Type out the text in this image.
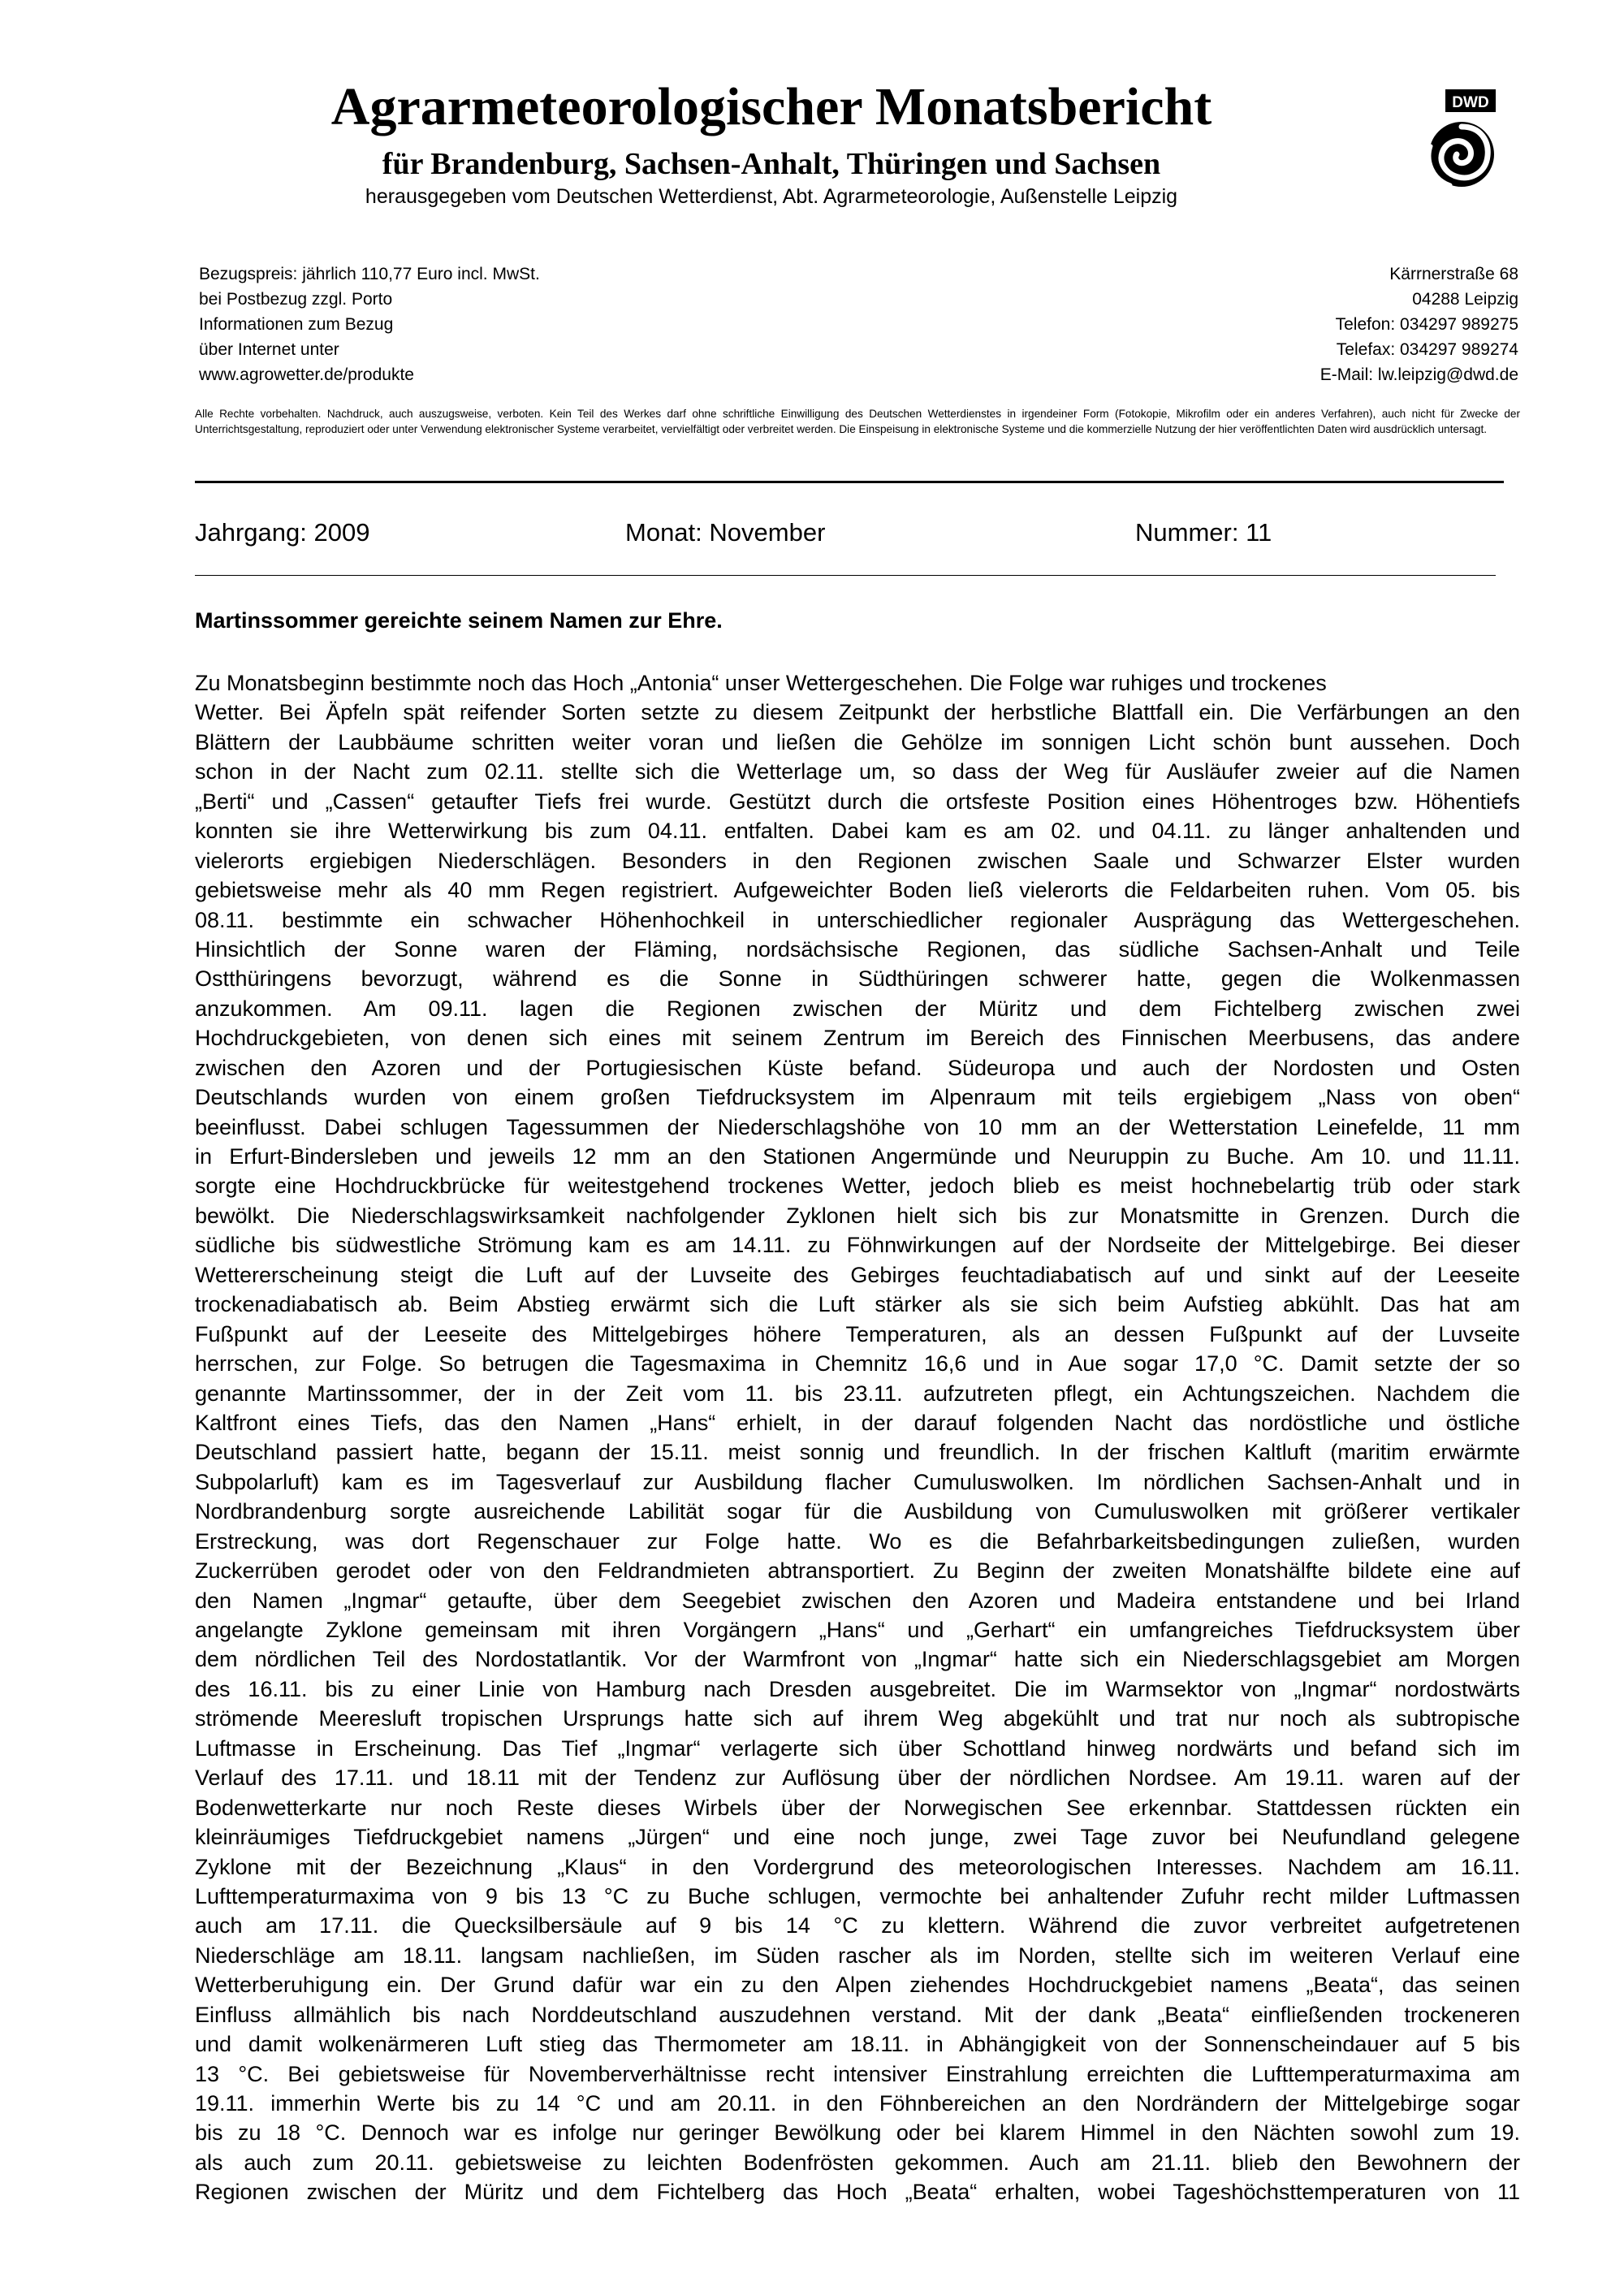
Agrarmeteorologischer Monatsbericht
für Brandenburg, Sachsen-Anhalt, Thüringen und Sachsen
herausgegeben vom Deutschen Wetterdienst, Abt. Agrarmeteorologie, Außenstelle Leipzig
DWD
Bezugspreis: jährlich 110,77 Euro incl. MwSt.
bei Postbezug zzgl. Porto
Informationen zum Bezug
über Internet unter
www.agrowetter.de/produkte
Kärrnerstraße 68
04288 Leipzig
Telefon: 034297 989275
Telefax: 034297 989274
E-Mail: lw.leipzig@dwd.de
Alle Rechte vorbehalten. Nachdruck, auch auszugsweise, verboten. Kein Teil des Werkes darf ohne schriftliche Einwilligung des Deutschen Wetterdienstes in irgendeiner Form (Fotokopie, Mikrofilm oder ein anderes Verfahren), auch nicht für Zwecke der Unterrichtsgestaltung, reproduziert oder unter Verwendung elektronischer Systeme verarbeitet, vervielfältigt oder verbreitet werden. Die Einspeisung in elektronische Systeme und die kommerzielle Nutzung der hier veröffentlichten Daten wird ausdrücklich untersagt.
Jahrgang: 2009	Monat: November	Nummer: 11
Martinssommer gereichte seinem Namen zur Ehre.
Zu Monatsbeginn bestimmte noch das Hoch „Antonia“ unser Wettergeschehen. Die Folge war ruhiges und trockenes
Wetter. Bei Äpfeln spät reifender Sorten setzte zu diesem Zeitpunkt der herbstliche Blattfall ein. Die Verfärbungen an den
Blättern der Laubbäume schritten weiter voran und ließen die Gehölze im sonnigen Licht schön bunt aussehen. Doch
schon in der Nacht zum 02.11. stellte sich die Wetterlage um, so dass der Weg für Ausläufer zweier auf die Namen
„Berti“ und „Cassen“ getaufter Tiefs frei wurde. Gestützt durch die ortsfeste Position eines Höhentroges bzw. Höhentiefs
konnten sie ihre Wetterwirkung bis zum 04.11. entfalten. Dabei kam es am 02. und 04.11. zu länger anhaltenden und
vielerorts ergiebigen Niederschlägen. Besonders in den Regionen zwischen Saale und Schwarzer Elster wurden
gebietsweise mehr als 40 mm Regen registriert. Aufgeweichter Boden ließ vielerorts die Feldarbeiten ruhen. Vom 05. bis
08.11. bestimmte ein schwacher Höhenhochkeil in unterschiedlicher regionaler Ausprägung das Wettergeschehen.
Hinsichtlich der Sonne waren der Fläming, nordsächsische Regionen, das südliche Sachsen-Anhalt und Teile
Ostthüringens bevorzugt, während es die Sonne in Südthüringen schwerer hatte, gegen die Wolkenmassen
anzukommen. Am 09.11. lagen die Regionen zwischen der Müritz und dem Fichtelberg zwischen zwei
Hochdruckgebieten, von denen sich eines mit seinem Zentrum im Bereich des Finnischen Meerbusens, das andere
zwischen den Azoren und der Portugiesischen Küste befand. Südeuropa und auch der Nordosten und Osten
Deutschlands wurden von einem großen Tiefdrucksystem im Alpenraum mit teils ergiebigem „Nass von oben“
beeinflusst. Dabei schlugen Tagessummen der Niederschlagshöhe von 10 mm an der Wetterstation Leinefelde, 11 mm
in Erfurt-Bindersleben und jeweils 12 mm an den Stationen Angermünde und Neuruppin zu Buche. Am 10. und 11.11.
sorgte eine Hochdruckbrücke für weitestgehend trockenes Wetter, jedoch blieb es meist hochnebelartig trüb oder stark
bewölkt. Die Niederschlagswirksamkeit nachfolgender Zyklonen hielt sich bis zur Monatsmitte in Grenzen. Durch die
südliche bis südwestliche Strömung kam es am 14.11. zu Föhnwirkungen auf der Nordseite der Mittelgebirge. Bei dieser
Wettererscheinung steigt die Luft auf der Luvseite des Gebirges feuchtadiabatisch auf und sinkt auf der Leeseite
trockenadiabatisch ab. Beim Abstieg erwärmt sich die Luft stärker als sie sich beim Aufstieg abkühlt. Das hat am
Fußpunkt auf der Leeseite des Mittelgebirges höhere Temperaturen, als an dessen Fußpunkt auf der Luvseite
herrschen, zur Folge. So betrugen die Tagesmaxima in Chemnitz 16,6 und in Aue sogar 17,0 °C. Damit setzte der so
genannte Martinssommer, der in der Zeit vom 11. bis 23.11. aufzutreten pflegt, ein Achtungszeichen. Nachdem die
Kaltfront eines Tiefs, das den Namen „Hans“ erhielt, in der darauf folgenden Nacht das nordöstliche und östliche
Deutschland passiert hatte, begann der 15.11. meist sonnig und freundlich. In der frischen Kaltluft (maritim erwärmte
Subpolarluft) kam es im Tagesverlauf zur Ausbildung flacher Cumuluswolken. Im nördlichen Sachsen-Anhalt und in
Nordbrandenburg sorgte ausreichende Labilität sogar für die Ausbildung von Cumuluswolken mit größerer vertikaler
Erstreckung, was dort Regenschauer zur Folge hatte. Wo es die Befahrbarkeitsbedingungen zuließen, wurden
Zuckerrüben gerodet oder von den Feldrandmieten abtransportiert. Zu Beginn der zweiten Monatshälfte bildete eine auf
den Namen „Ingmar“ getaufte, über dem Seegebiet zwischen den Azoren und Madeira entstandene und bei Irland
angelangte Zyklone gemeinsam mit ihren Vorgängern „Hans“ und „Gerhart“ ein umfangreiches Tiefdrucksystem über
dem nördlichen Teil des Nordostatlantik. Vor der Warmfront von „Ingmar“ hatte sich ein Niederschlagsgebiet am Morgen
des 16.11. bis zu einer Linie von Hamburg nach Dresden ausgebreitet. Die im Warmsektor von „Ingmar“ nordostwärts
strömende Meeresluft tropischen Ursprungs hatte sich auf ihrem Weg abgekühlt und trat nur noch als subtropische
Luftmasse in Erscheinung. Das Tief „Ingmar“ verlagerte sich über Schottland hinweg nordwärts und befand sich im
Verlauf des 17.11. und 18.11 mit der Tendenz zur Auflösung über der nördlichen Nordsee. Am 19.11. waren auf der
Bodenwetterkarte nur noch Reste dieses Wirbels über der Norwegischen See erkennbar. Stattdessen rückten ein
kleinräumiges Tiefdruckgebiet namens „Jürgen“ und eine noch junge, zwei Tage zuvor bei Neufundland gelegene
Zyklone mit der Bezeichnung „Klaus“ in den Vordergrund des meteorologischen Interesses. Nachdem am 16.11.
Lufttemperaturmaxima von 9 bis 13 °C zu Buche schlugen, vermochte bei anhaltender Zufuhr recht milder Luftmassen
auch am 17.11. die Quecksilbersäule auf 9 bis 14 °C zu klettern. Während die zuvor verbreitet aufgetretenen
Niederschläge am 18.11. langsam nachließen, im Süden rascher als im Norden, stellte sich im weiteren Verlauf eine
Wetterberuhigung ein. Der Grund dafür war ein zu den Alpen ziehendes Hochdruckgebiet namens „Beata“, das seinen
Einfluss allmählich bis nach Norddeutschland auszudehnen verstand. Mit der dank „Beata“ einfließenden trockeneren
und damit wolkenärmeren Luft stieg das Thermometer am 18.11. in Abhängigkeit von der Sonnenscheindauer auf 5 bis
13 °C. Bei gebietsweise für Novemberverhältnisse recht intensiver Einstrahlung erreichten die Lufttemperaturmaxima am
19.11. immerhin Werte bis zu 14 °C und am 20.11. in den Föhnbereichen an den Nordrändern der Mittelgebirge sogar
bis zu 18 °C. Dennoch war es infolge nur geringer Bewölkung oder bei klarem Himmel in den Nächten sowohl zum 19.
als auch zum 20.11. gebietsweise zu leichten Bodenfrösten gekommen. Auch am 21.11. blieb den Bewohnern der
Regionen zwischen der Müritz und dem Fichtelberg das Hoch „Beata“ erhalten, wobei Tageshöchsttemperaturen von 11
